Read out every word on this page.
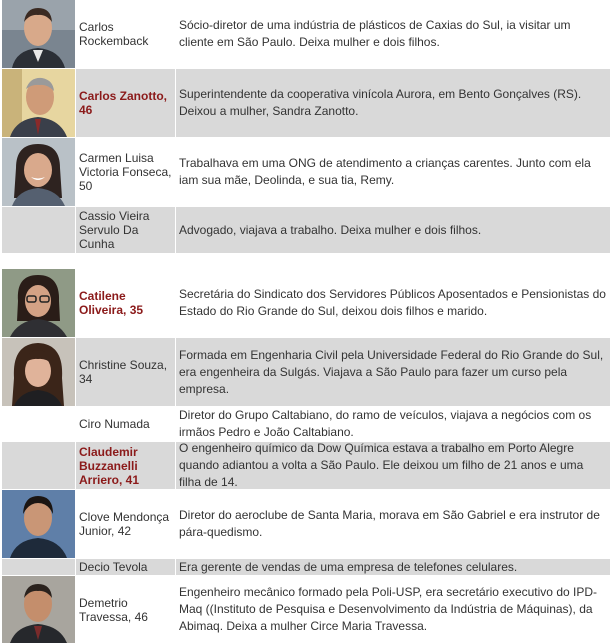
Carlos Rockemback
Sócio-diretor de uma indústria de plásticos de Caxias do Sul, ia visitar um cliente em São Paulo. Deixa mulher e dois filhos.
Carlos Zanotto, 46
Superintendente da cooperativa vinícola Aurora, em Bento Gonçalves (RS). Deixou a mulher, Sandra Zanotto.
Carmen Luisa Victoria Fonseca, 50
Trabalhava em uma ONG de atendimento a crianças carentes. Junto com ela iam sua mãe, Deolinda, e sua tia, Remy.
Cassio Vieira Servulo Da Cunha
Advogado, viajava a trabalho. Deixa mulher e dois filhos.
Catilene Oliveira, 35
Secretária do Sindicato dos Servidores Públicos Aposentados e Pensionistas do Estado do Rio Grande do Sul, deixou dois filhos e marido.
Christine Souza, 34
Formada em Engenharia Civil pela Universidade Federal do Rio Grande do Sul, era engenheira da Sulgás. Viajava a São Paulo para fazer um curso pela empresa.
Ciro Numada
Diretor do Grupo Caltabiano, do ramo de veículos, viajava a negócios com os irmãos Pedro e João Caltabiano.
Claudemir Buzzanelli Arriero, 41
O engenheiro químico da Dow Química estava a trabalho em Porto Alegre quando adiantou a volta a São Paulo. Ele deixou um filho de 21 anos e uma filha de 14.
Clove Mendonça Junior, 42
Diretor do aeroclube de Santa Maria, morava em São Gabriel e era instrutor de pára-quedismo.
Decio Tevola	Era gerente de vendas de uma empresa de telefones celulares.
Demetrio Travessa, 46
Engenheiro mecânico formado pela Poli-USP, era secretário executivo do IPD-Maq ((Instituto de Pesquisa e Desenvolvimento da Indústria de Máquinas), da Abimaq. Deixa a mulher Circe Maria Travessa.
